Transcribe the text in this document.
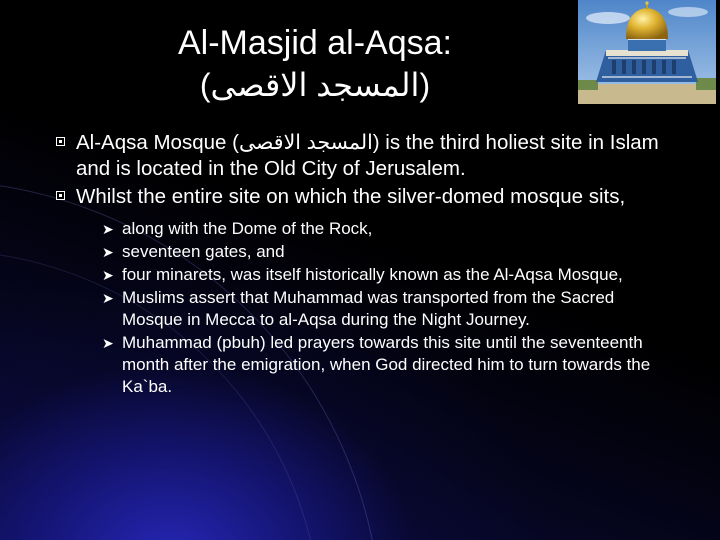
Al-Masjid al-Aqsa:
(المسجد الاقصى)
Al-Aqsa Mosque (المسجد الاقصى) is the third holiest site in Islam and is located in the Old City of Jerusalem.
Whilst the entire site on which the silver-domed mosque sits,
➤ along with the Dome of the Rock,
➤ seventeen gates, and
➤ four minarets, was itself historically known as the Al-Aqsa Mosque,
➤ Muslims assert that Muhammad was transported from the Sacred Mosque in Mecca to al-Aqsa during the Night Journey.
➤ Muhammad (pbuh) led prayers towards this site until the seventeenth month after the emigration, when God directed him to turn towards the Ka`ba.
